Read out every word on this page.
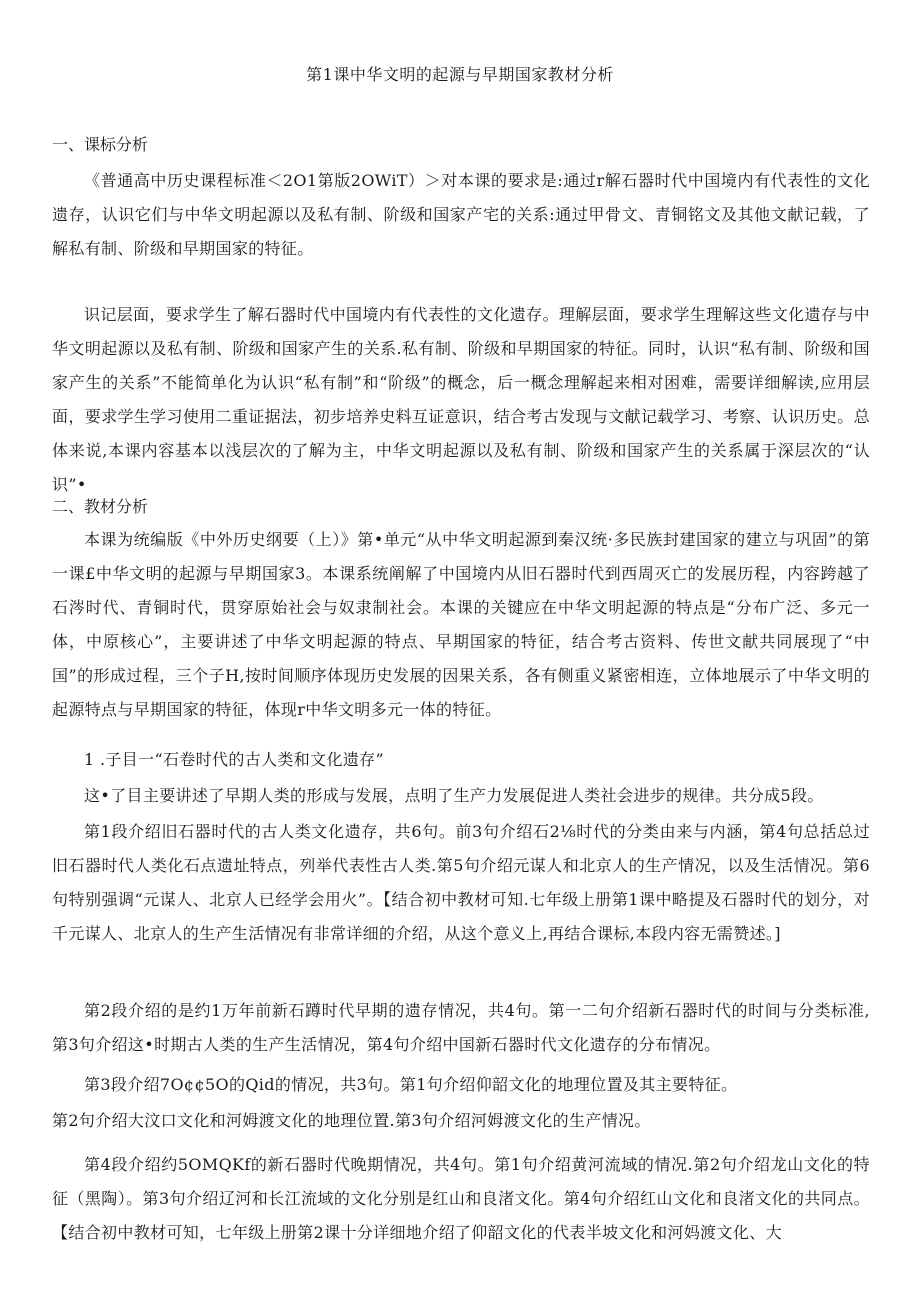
第1课中华文明的起源与早期国家教材分析
一、课标分析
《普通高中历史课程标准＜2O1第版2OWiT）＞对本课的要求是:通过r解石器时代中国境内有代表性的文化遗存，认识它们与中华文明起源以及私有制、阶级和国家产宅的关系:通过甲骨文、青铜铭文及其他文献记载，了解私有制、阶级和早期国家的特征。
识记层面，要求学生了解石器时代中国境内有代表性的文化遗存。理解层面，要求学生理解这些文化遗存与中华文明起源以及私有制、阶级和国家产生的关系.私有制、阶级和早期国家的特征。同时，认识“私有制、阶级和国家产生的关系”不能简单化为认识“私有制”和“阶级”的概念，后一概念理解起来相对困难，需要详细解读,应用层面，要求学生学习使用二重证据法，初步培养史料互证意识，结合考古发现与文献记载学习、考察、认识历史。总体来说,本课内容基本以浅层次的了解为主，中华文明起源以及私有制、阶级和国家产生的关系属于深层次的“认识”•
二、教材分析
本课为统编版《中外历史纲要（上）》第•单元“从中华文明起源到秦汉统·多民族封建国家的建立与巩固”的第一课£中华文明的起源与早期国家3。本课系统阐解了中国境内从旧石器时代到西周灭亡的发展历程，内容跨越了石涔时代、青铜时代，贯穿原始社会与奴隶制社会。本课的关键应在中华文明起源的特点是“分布广泛、多元一体，中原核心”，主要讲述了中华文明起源的特点、早期国家的特征，结合考古资料、传世文献共同展现了“中国”的形成过程，三个子H,按时间顺序体现历史发展的因果关系，各有侧重义紧密相连，立体地展示了中华文明的起源特点与早期国家的特征，体现r中华文明多元一体的特征。
1 .子目一“石卷时代的古人类和文化遗存”
这•了目主要讲述了早期人类的形成与发展，点明了生产力发展促进人类社会进步的规律。共分成5段。
第1段介绍旧石器时代的古人类文化遗存，共6句。前3句介绍石2⅛时代的分类由来与内涵，第4句总括总过旧石器时代人类化石点遗址特点，列举代表性古人类.第5句介绍元谋人和北京人的生产情况，以及生活情况。第6句特别强调“元谋人、北京人已经学会用火”。【结合初中教材可知.七年级上册第1课中略提及石器时代的划分，对千元谋人、北京人的生产生活情况有非常详细的介绍，从这个意义上,再结合课标,本段内容无需赞述。]
第2段介绍的是约1万年前新石蹲时代早期的遗存情况，共4句。第一二句介绍新石器时代的时间与分类标准,第3句介绍这•时期古人类的生产生活情况，第4句介绍中国新石器时代文化遗存的分布情况。
第3段介绍7O¢¢5O的Qid的情况，共3句。第1句介绍仰韶文化的地理位置及其主要特征。
第2句介绍大汶口文化和河姆渡文化的地理位置.第3句介绍河姆渡文化的生产情况。
第4段介绍约5OMQKf的新石器时代晚期情况，共4句。第1句介绍黄河流域的情况.第2句介绍龙山文化的特征（黑陶）。第3句介绍辽河和长江流域的文化分别是红山和良渚文化。第4句介绍红山文化和良渚文化的共同点。【结合初中教材可知，七年级上册第2课十分详细地介绍了仰韶文化的代表半坡文化和河妈渡文化、大
